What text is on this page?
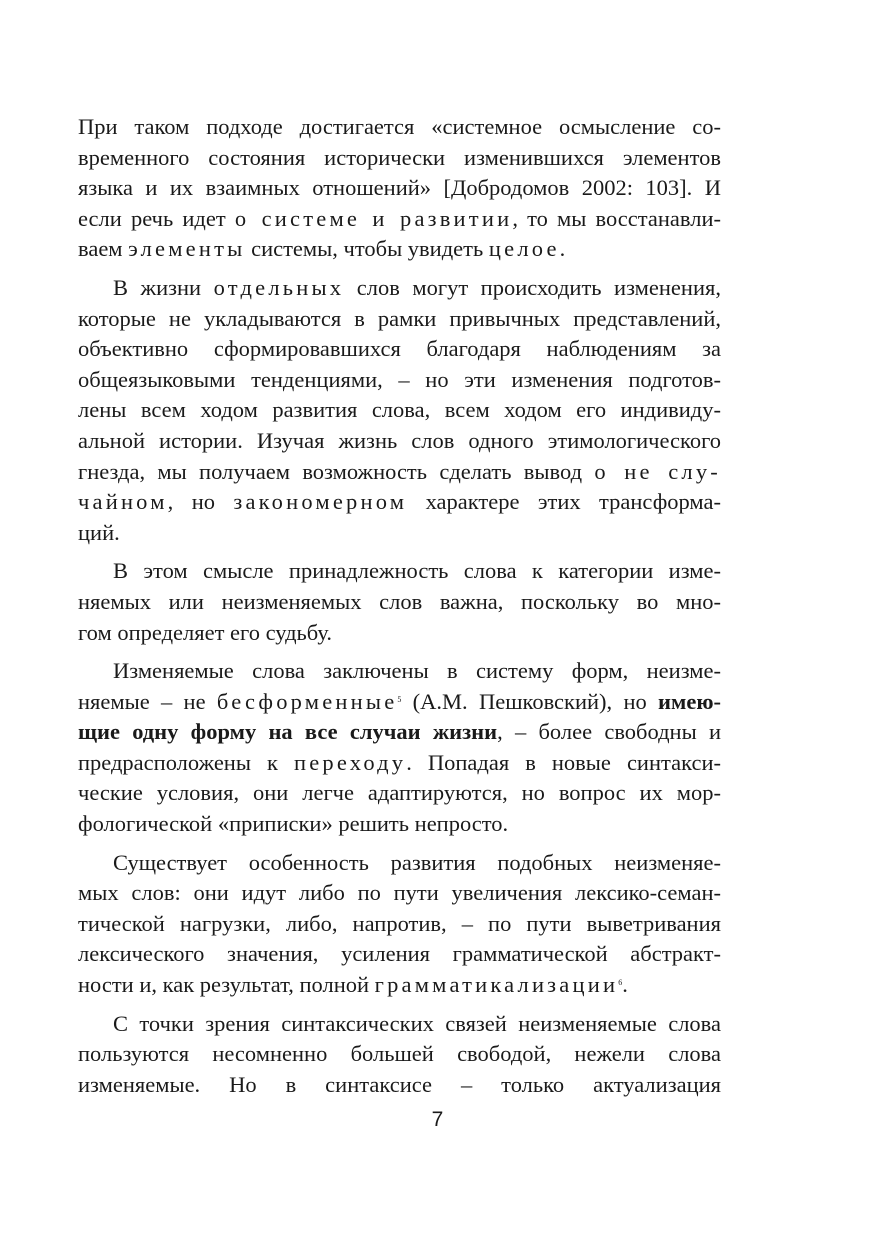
При таком подходе достигается «системное осмысление со-
временного состояния исторически изменившихся элементов
языка и их взаимных отношений» [Добродомов 2002: 103]. И
если речь идет о системе и развитии, то мы восстанавли-
ваем элементы системы, чтобы увидеть целое.
В жизни отдельных слов могут происходить изменения,
которые не укладываются в рамки привычных представлений,
объективно сформировавшихся благодаря наблюдениям за
общеязыковыми тенденциями, – но эти изменения подготов-
лены всем ходом развития слова, всем ходом его индивиду-
альной истории. Изучая жизнь слов одного этимологического
гнезда, мы получаем возможность сделать вывод о не слу-
чайном, но закономерном характере этих трансформа-
ций.
В этом смысле принадлежность слова к категории изме-
няемых или неизменяемых слов важна, поскольку во мно-
гом определяет его судьбу.
Изменяемые слова заключены в систему форм, неизме-
няемые – не бесформенные$^5$ (А.М. Пешковский), но имею-
щие одну форму на все случаи жизни, – более свободны и
предрасположены к переходу. Попадая в новые синтакси-
ческие условия, они легче адаптируются, но вопрос их мор-
фологической «приписки» решить непросто.
Существует особенность развития подобных неизменяе-
мых слов: они идут либо по пути увеличения лексико-семан-
тической нагрузки, либо, напротив, – по пути выветривания
лексического значения, усиления грамматической абстракт-
ности и, как результат, полной грамматикализации$^6$.
С точки зрения синтаксических связей неизменяемые слова
пользуются несомненно большей свободой, нежели слова
изменяемые. Но в синтаксисе – только актуализация
7
